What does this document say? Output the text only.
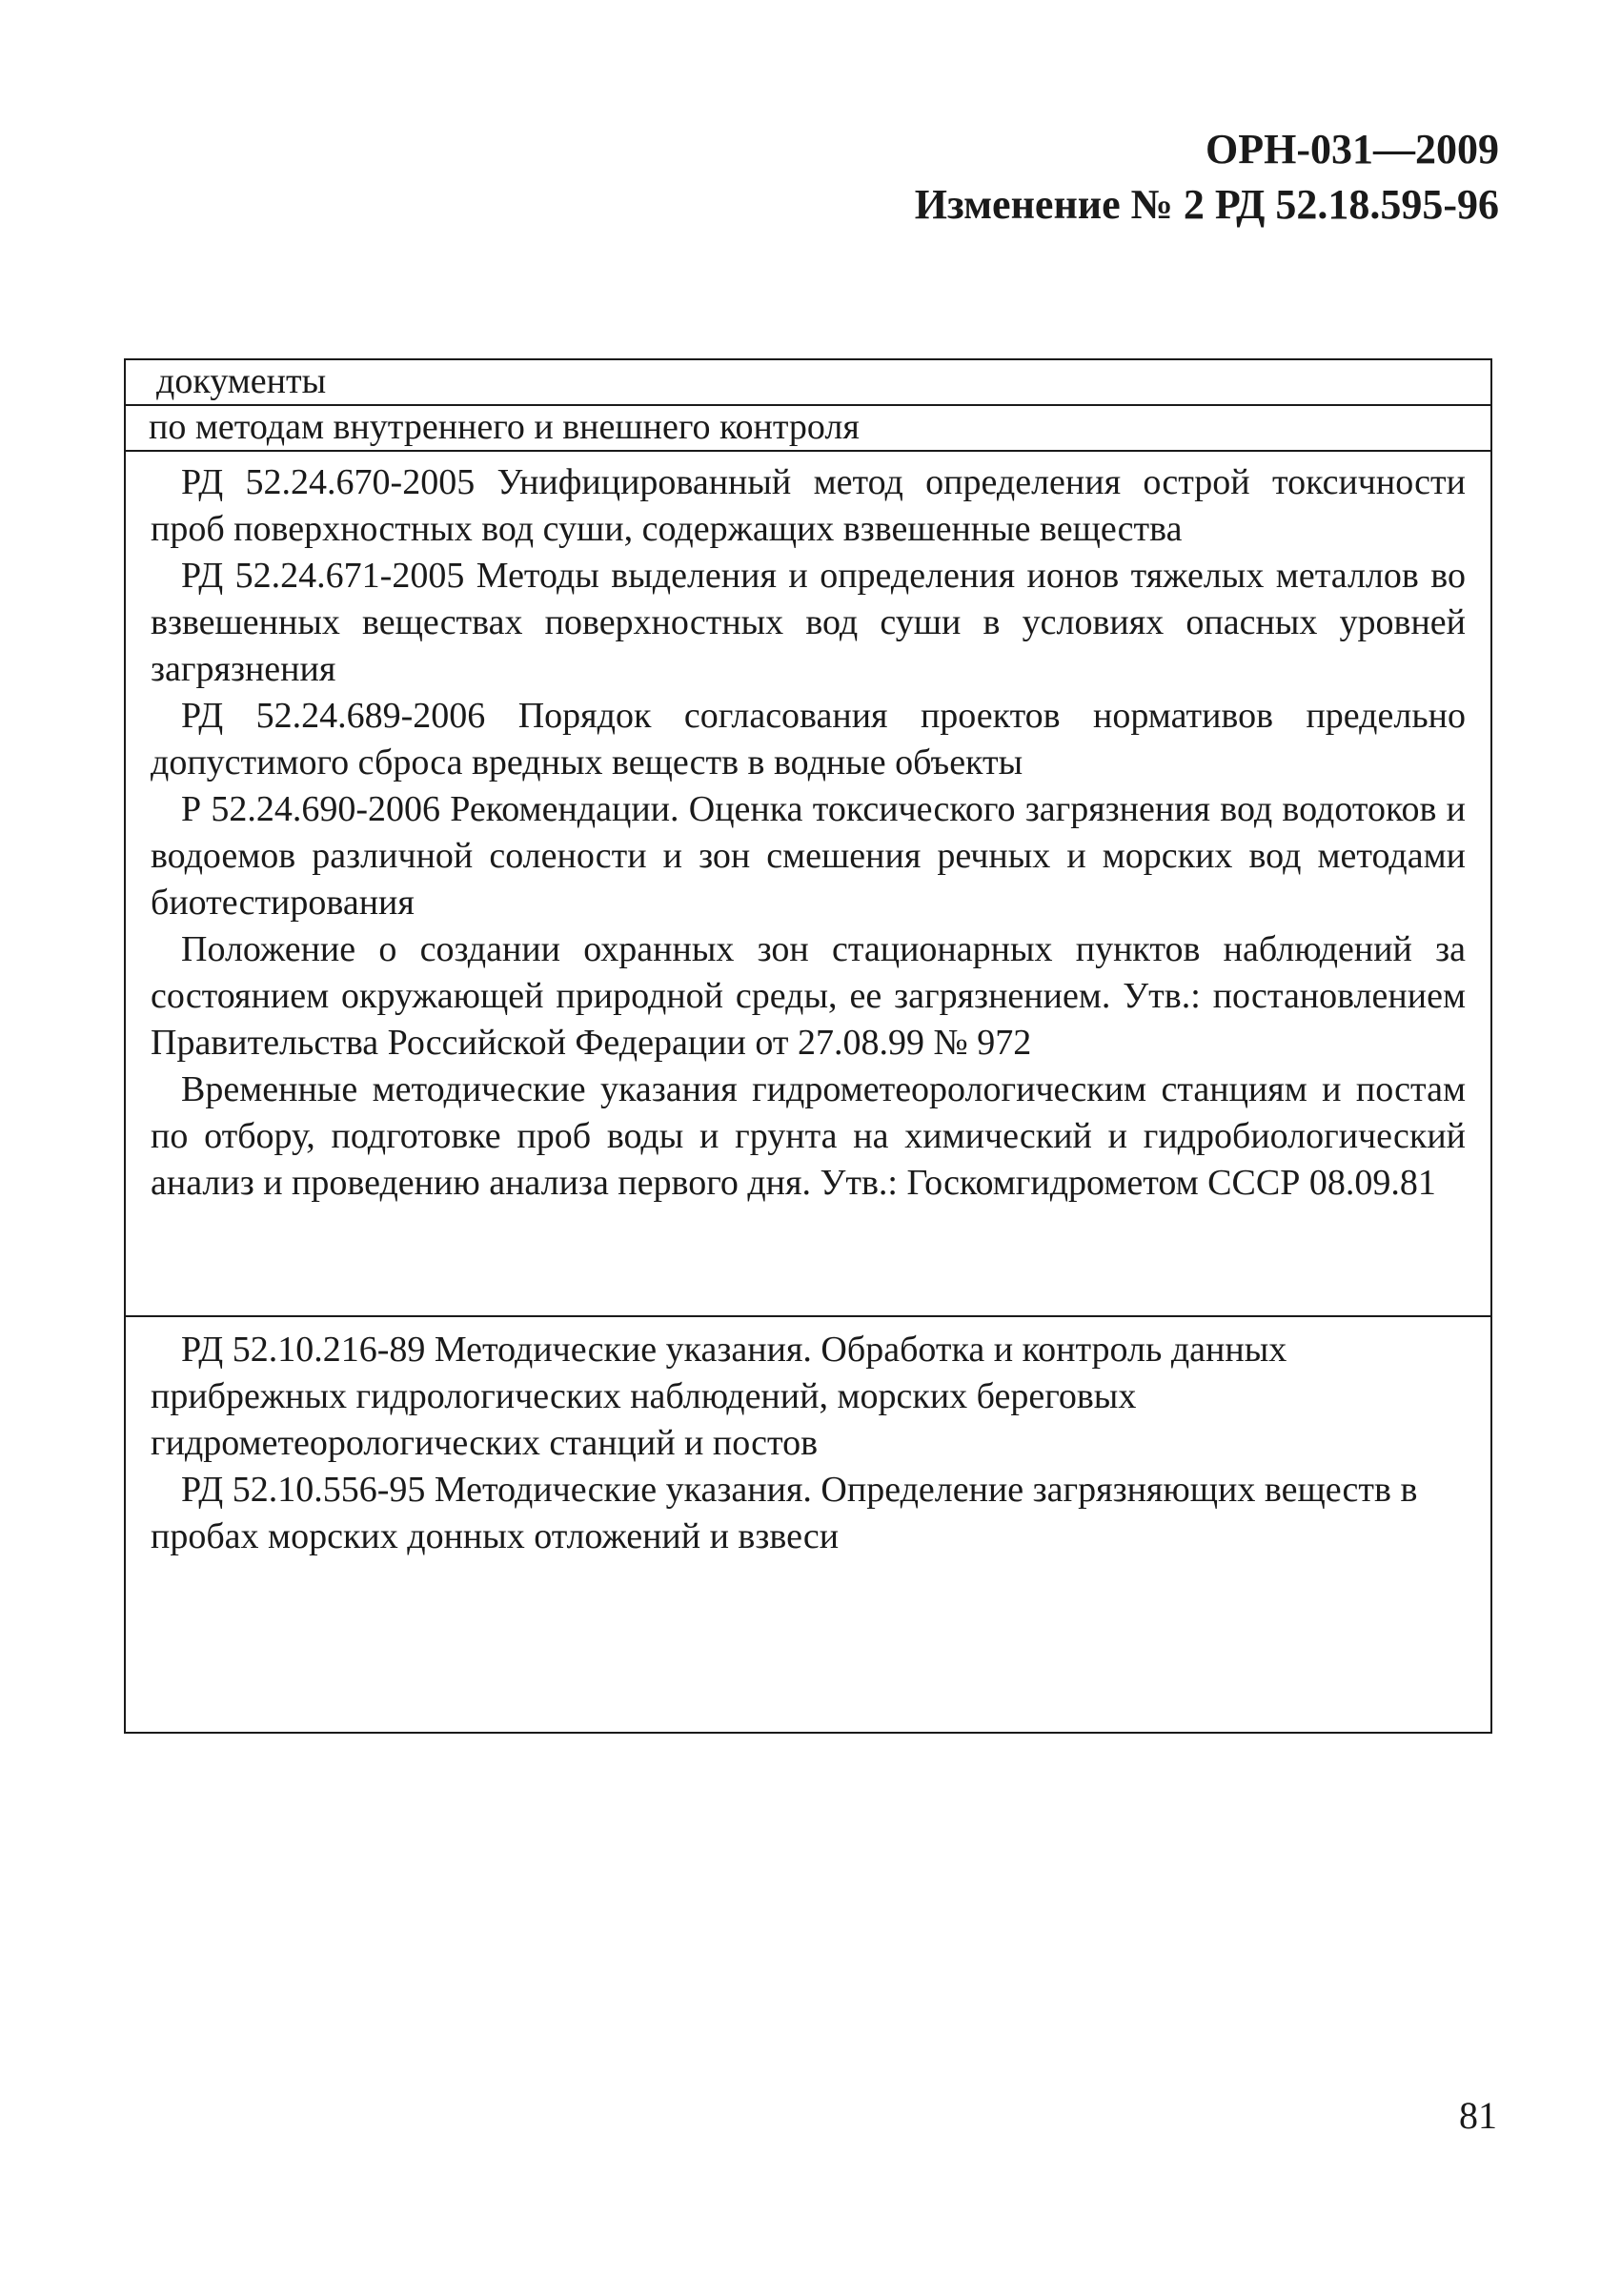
ОРН-031—2009
Изменение № 2 РД 52.18.595-96
документы
по методам внутреннего и внешнего контроля

РД 52.24.670-2005 Унифицированный метод определения острой токсичности проб поверхностных вод суши, содержащих взвешенные вещества

РД 52.24.671-2005 Методы выделения и определения ионов тяжелых металлов во взвешенных веществах поверхностных вод суши в условиях опасных уровней загрязнения

РД 52.24.689-2006 Порядок согласования проектов нормативов предельно допустимого сброса вредных веществ в водные объекты

Р 52.24.690-2006 Рекомендации. Оценка токсического загрязнения вод водотоков и водоемов различной солености и зон смешения речных и морских вод методами биотестирования

Положение о создании охранных зон стационарных пунктов наблюдений за состоянием окружающей природной среды, ее загрязнением. Утв.: постановлением Правительства Российской Федерации от 27.08.99 № 972

Временные методические указания гидрометеорологическим станциям и постам по отбору, подготовке проб воды и грунта на химический и гидробиологический анализ и проведению анализа первого дня. Утв.: Госкомгидрометом СССР 08.09.81

РД 52.10.216-89 Методические указания. Обработка и контроль данных прибрежных гидрологических наблюдений, морских береговых гидрометеорологических станций и постов

РД 52.10.556-95 Методические указания. Определение загрязняющих веществ в пробах морских донных отложений и взвеси

81
